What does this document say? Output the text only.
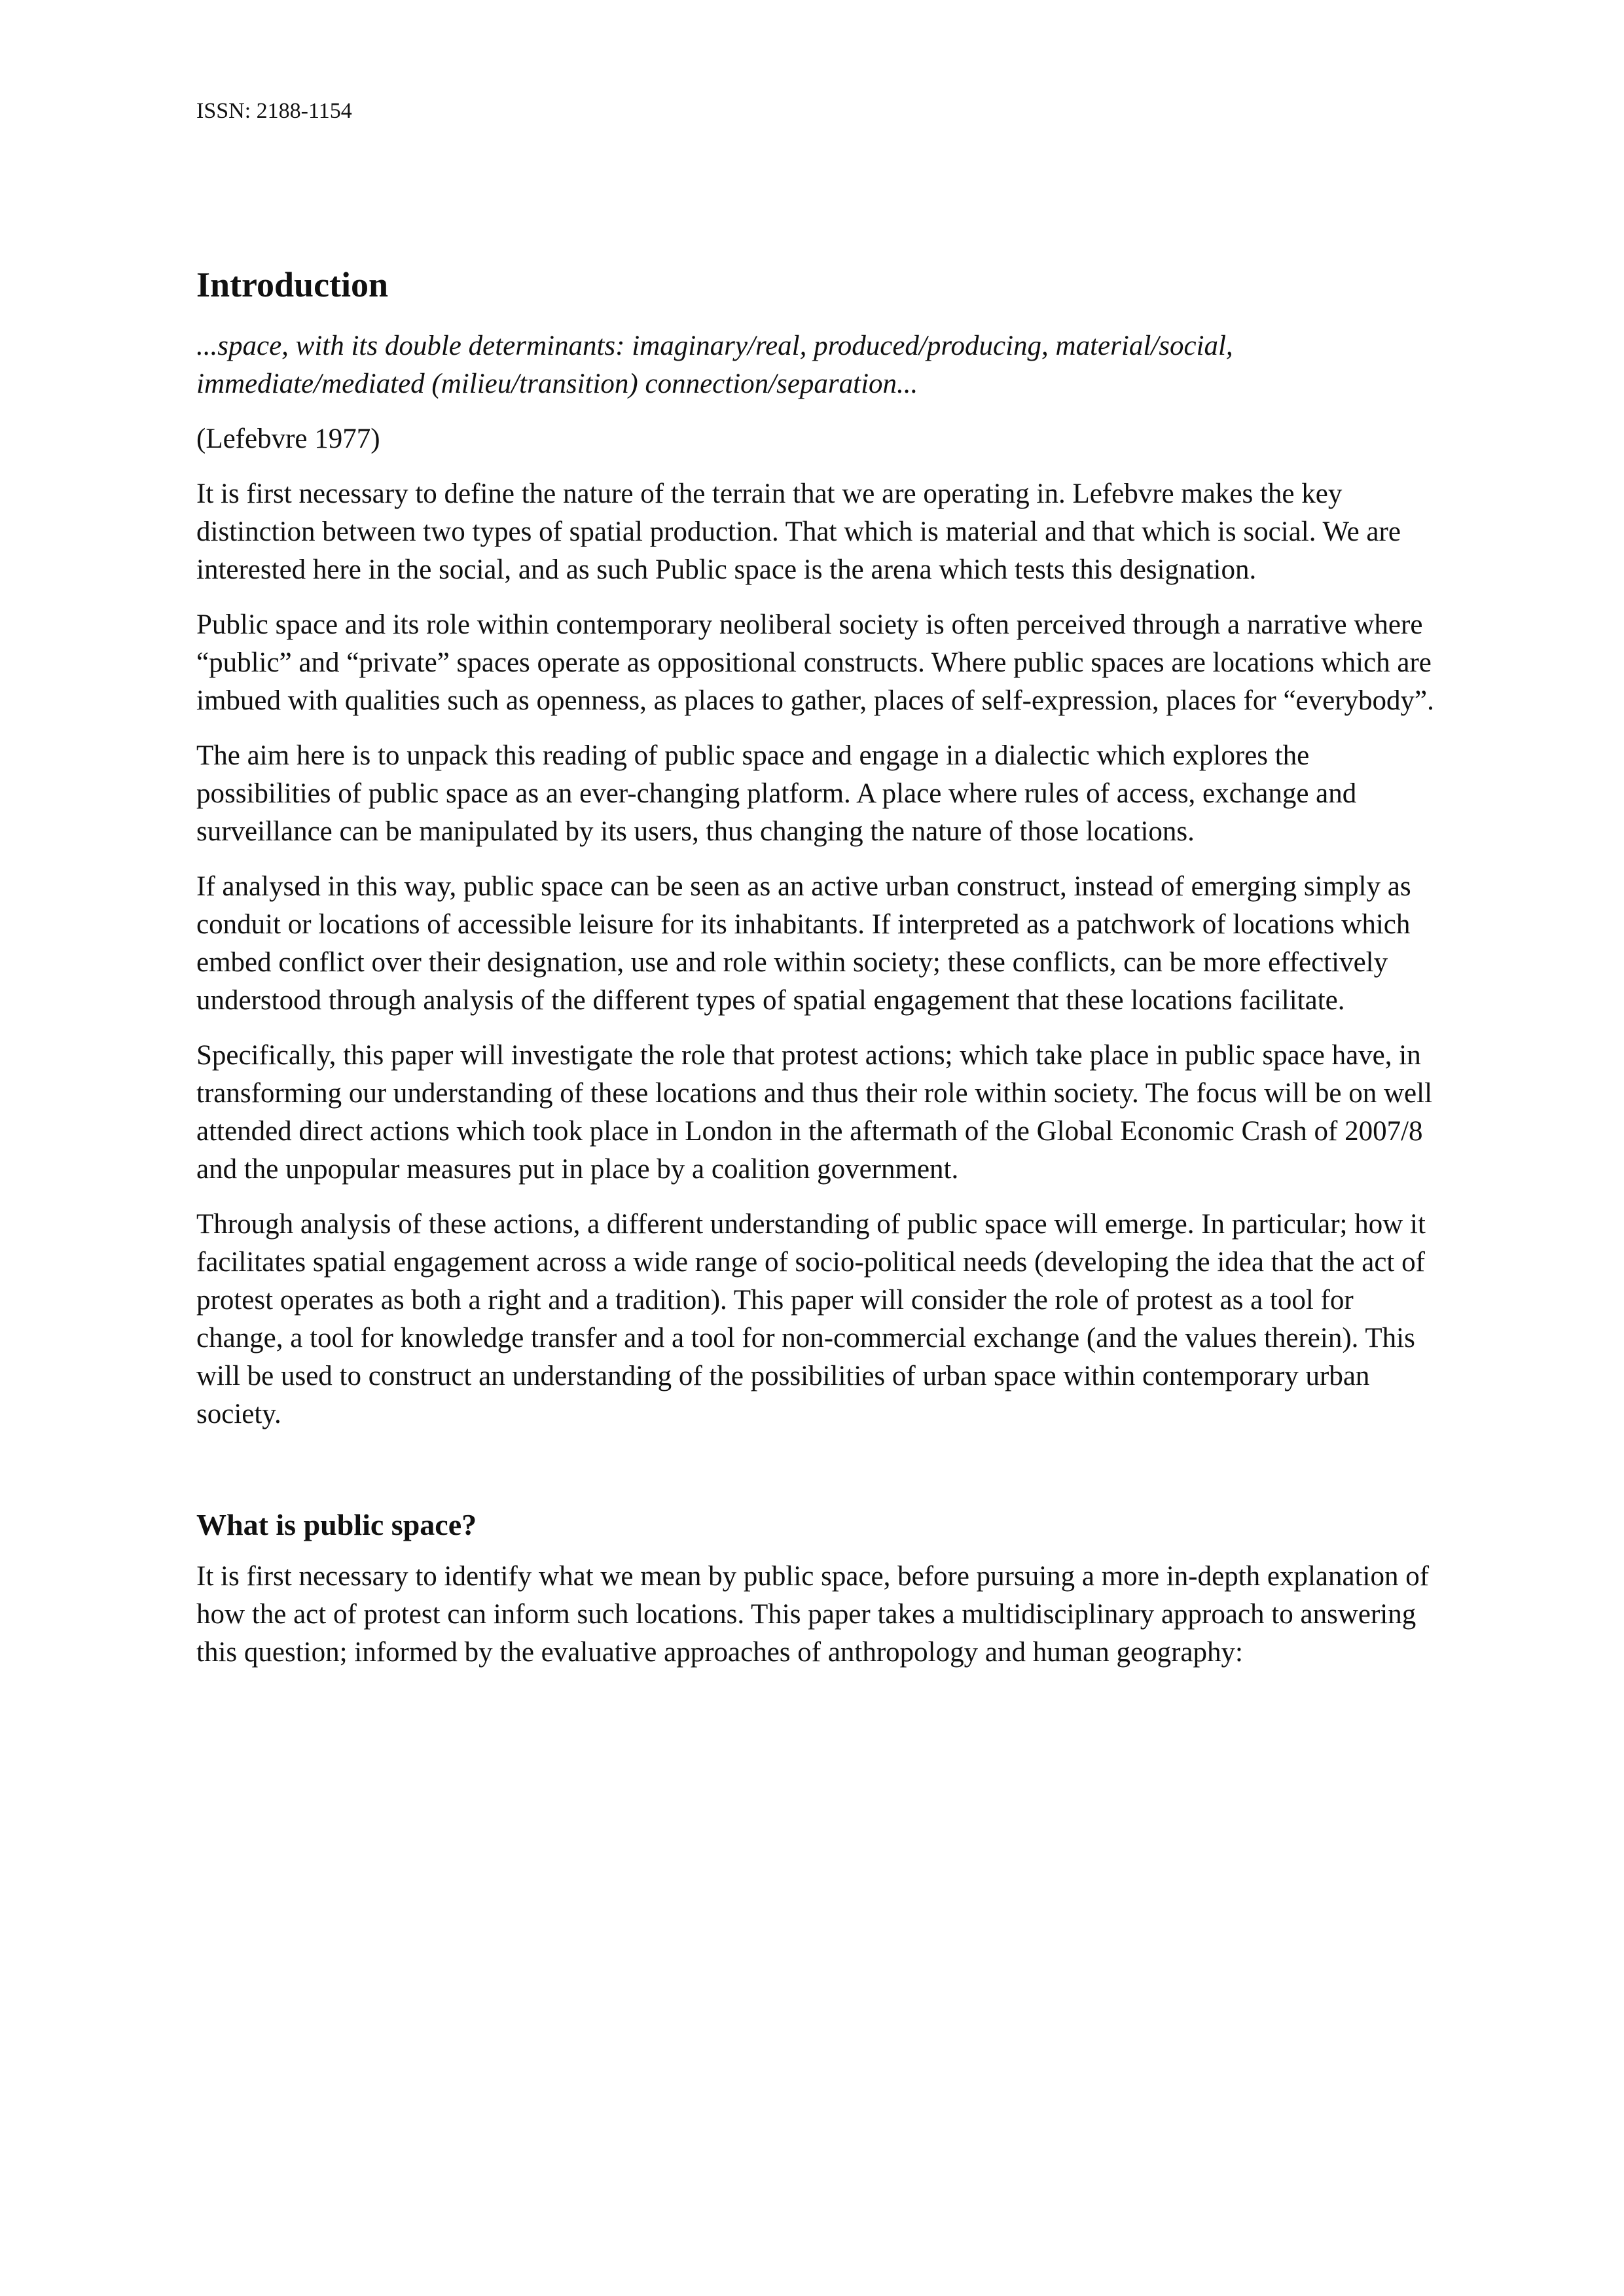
ISSN: 2188-1154
Introduction

...space, with its double determinants: imaginary/real, produced/producing, material/social, immediate/mediated (milieu/transition) connection/separation...

(Lefebvre 1977)

It is first necessary to define the nature of the terrain that we are operating in. Lefebvre makes the key distinction between two types of spatial production. That which is material and that which is social. We are interested here in the social, and as such Public space is the arena which tests this designation.

Public space and its role within contemporary neoliberal society is often perceived through a narrative where “public” and “private” spaces operate as oppositional constructs. Where public spaces are locations which are imbued with qualities such as openness, as places to gather, places of self-expression, places for “everybody”.

The aim here is to unpack this reading of public space and engage in a dialectic which explores the possibilities of public space as an ever-changing platform. A place where rules of access, exchange and surveillance can be manipulated by its users, thus changing the nature of those locations.

If analysed in this way, public space can be seen as an active urban construct, instead of emerging simply as conduit or locations of accessible leisure for its inhabitants. If interpreted as a patchwork of locations which embed conflict over their designation, use and role within society; these conflicts, can be more effectively understood through analysis of the different types of spatial engagement that these locations facilitate.

Specifically, this paper will investigate the role that protest actions; which take place in public space have, in transforming our understanding of these locations and thus their role within society. The focus will be on well attended direct actions which took place in London in the aftermath of the Global Economic Crash of 2007/8 and the unpopular measures put in place by a coalition government.

Through analysis of these actions, a different understanding of public space will emerge. In particular; how it facilitates spatial engagement across a wide range of socio-political needs (developing the idea that the act of protest operates as both a right and a tradition). This paper will consider the role of protest as a tool for change, a tool for knowledge transfer and a tool for non-commercial exchange (and the values therein). This will be used to construct an understanding of the possibilities of urban space within contemporary urban society.

What is public space?

It is first necessary to identify what we mean by public space, before pursuing a more in-depth explanation of how the act of protest can inform such locations. This paper takes a multidisciplinary approach to answering this question; informed by the evaluative approaches of anthropology and human geography:
